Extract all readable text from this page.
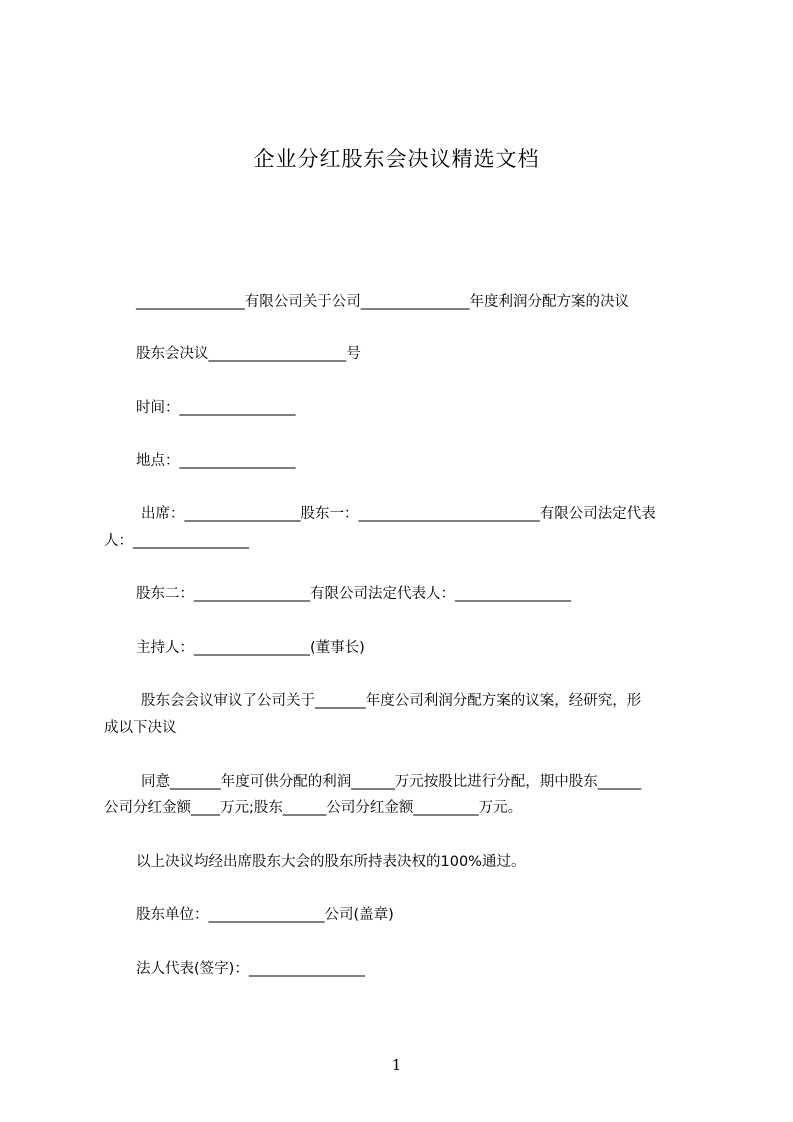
企业分红股东会决议精选文档
_______________有限公司关于公司_______________年度利润分配方案的决议
股东会决议___________________号
时间：________________
地点：________________
出席：________________股东一：_________________________有限公司法定代表
人：________________
股东二：________________有限公司法定代表人：________________
主持人：________________(董事长)
股东会会议审议了公司关于_______年度公司利润分配方案的议案，经研究，形
成以下决议
同意_______年度可供分配的利润______万元按股比进行分配，期中股东______
公司分红金额____万元;股东______公司分红金额_________万元。
以上决议均经出席股东大会的股东所持表决权的100%通过。
股东单位：________________公司(盖章)
法人代表(签字)：________________
1
